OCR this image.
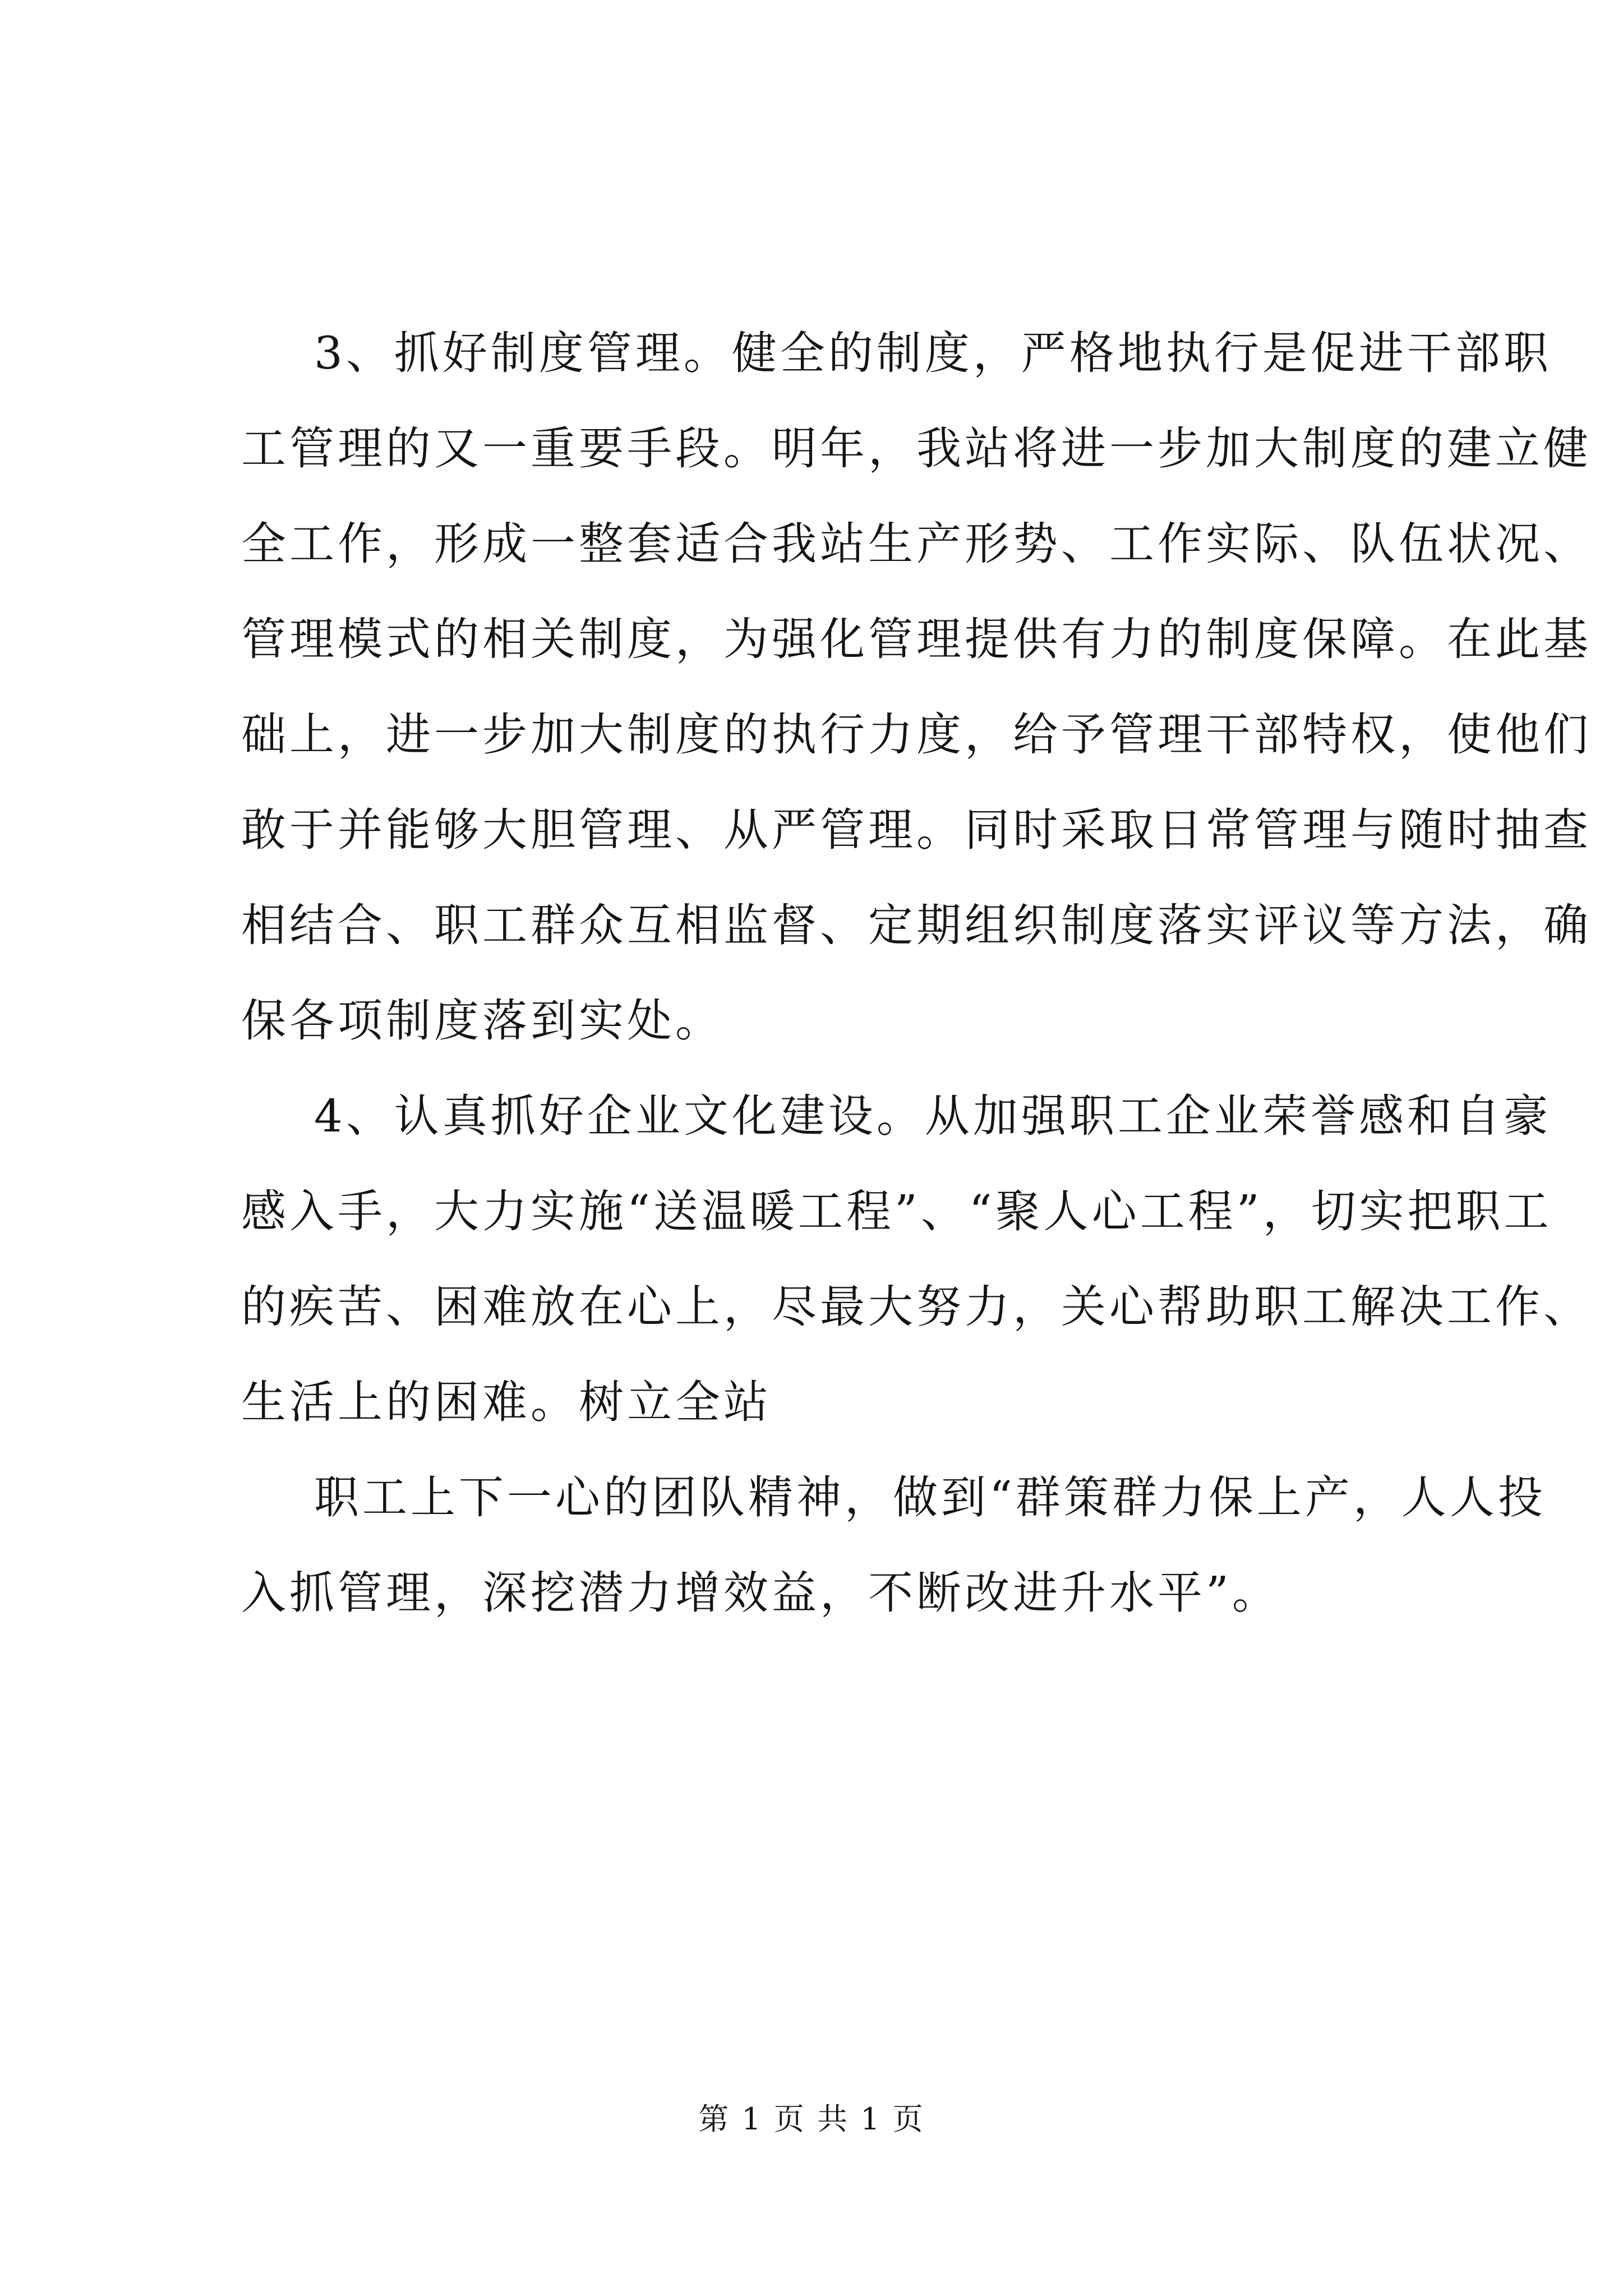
3、抓好制度管理。健全的制度，严格地执行是促进干部职
工管理的又一重要手段。明年，我站将进一步加大制度的建立健
全工作，形成一整套适合我站生产形势、工作实际、队伍状况、
管理模式的相关制度，为强化管理提供有力的制度保障。在此基
础上，进一步加大制度的执行力度，给予管理干部特权，使他们
敢于并能够大胆管理、从严管理。同时采取日常管理与随时抽查
相结合、职工群众互相监督、定期组织制度落实评议等方法，确
保各项制度落到实处。
4、认真抓好企业文化建设。从加强职工企业荣誉感和自豪
感入手，大力实施“送温暖工程”、“聚人心工程”，切实把职工
的疾苦、困难放在心上，尽最大努力，关心帮助职工解决工作、
生活上的困难。树立全站
职工上下一心的团队精神，做到“群策群力保上产，人人投
入抓管理，深挖潜力增效益，不断改进升水平”。
第 1 页 共 1 页
